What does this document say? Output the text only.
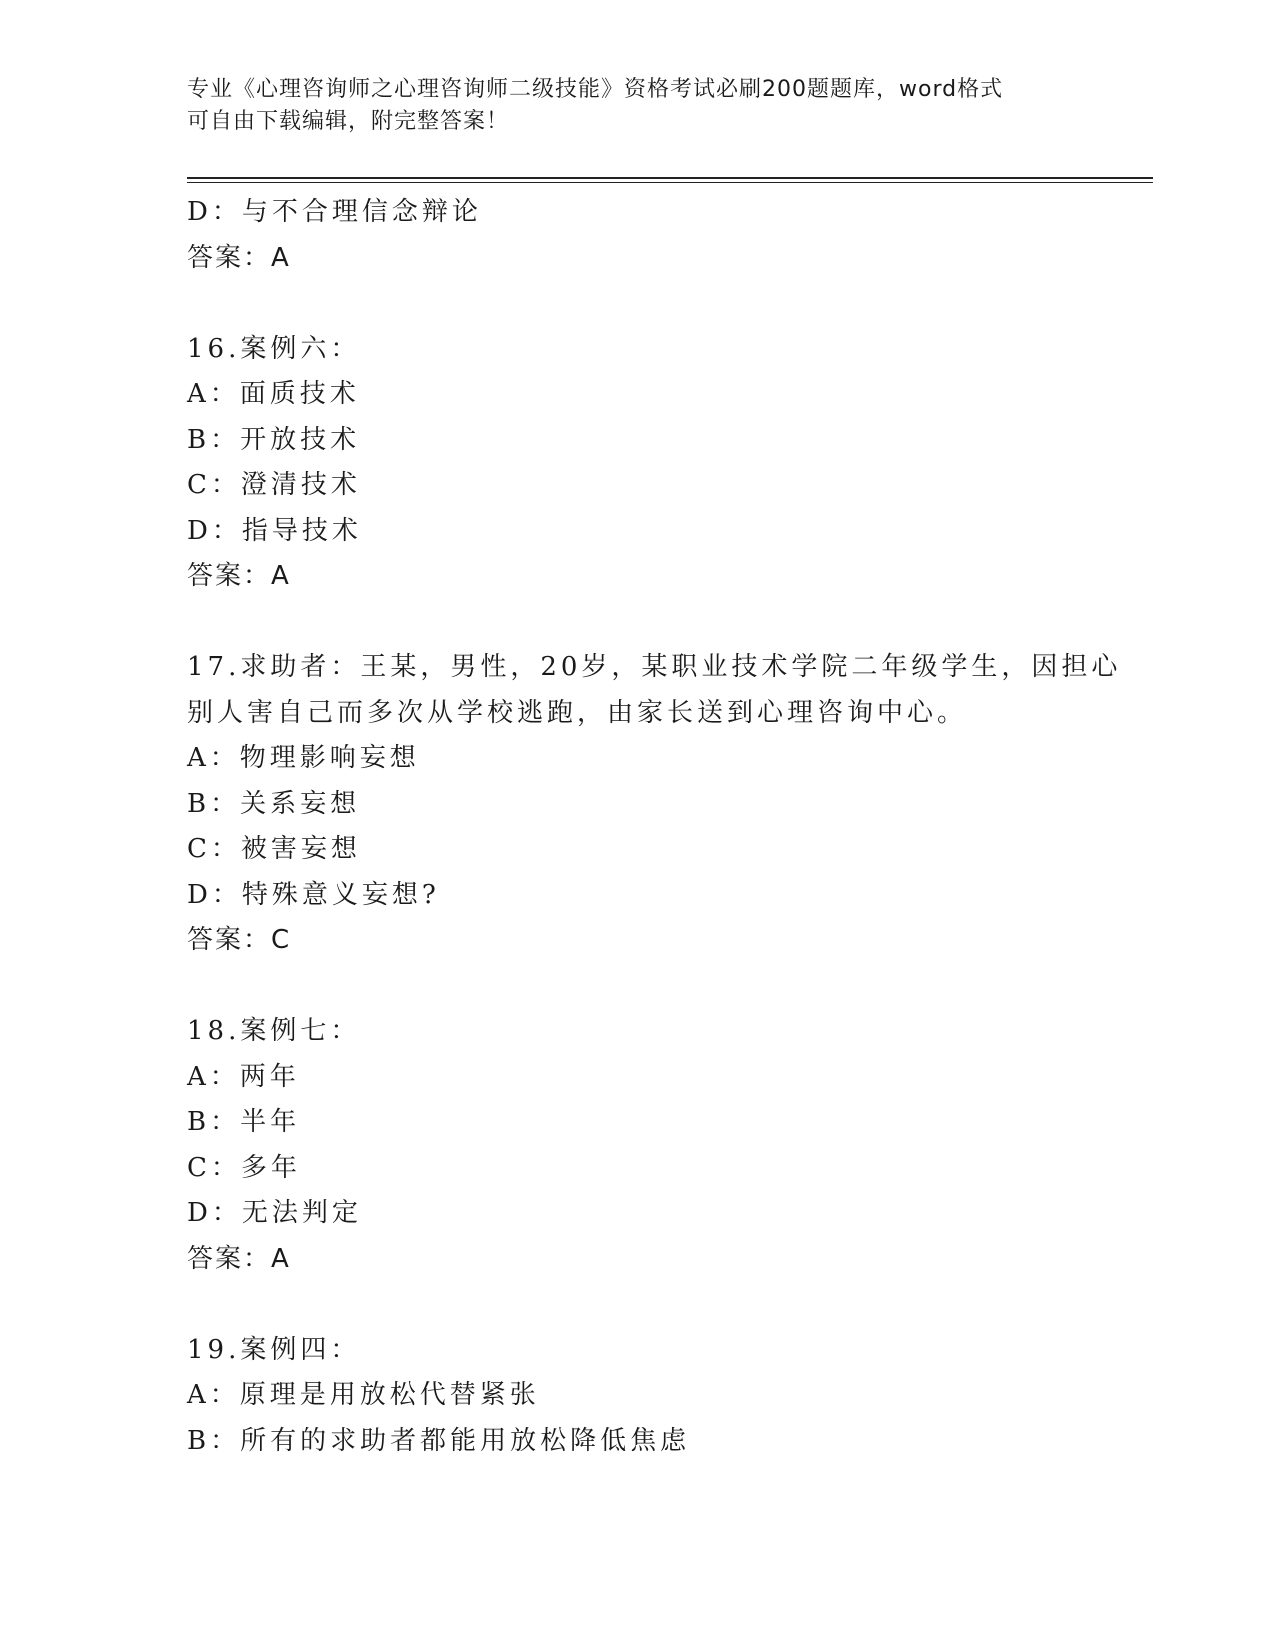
专业《心理咨询师之心理咨询师二级技能》资格考试必刷200题题库，word格式
可自由下载编辑，附完整答案！
D：与不合理信念辩论
答案：A
16.案例六：
A：面质技术
B：开放技术
C：澄清技术
D：指导技术
答案：A
17.求助者：王某，男性，20岁，某职业技术学院二年级学生，因担心
别人害自己而多次从学校逃跑，由家长送到心理咨询中心。
A：物理影响妄想
B：关系妄想
C：被害妄想
D：特殊意义妄想?
答案：C
18.案例七：
A：两年
B：半年
C：多年
D：无法判定
答案：A
19.案例四：
A：原理是用放松代替紧张
B：所有的求助者都能用放松降低焦虑
